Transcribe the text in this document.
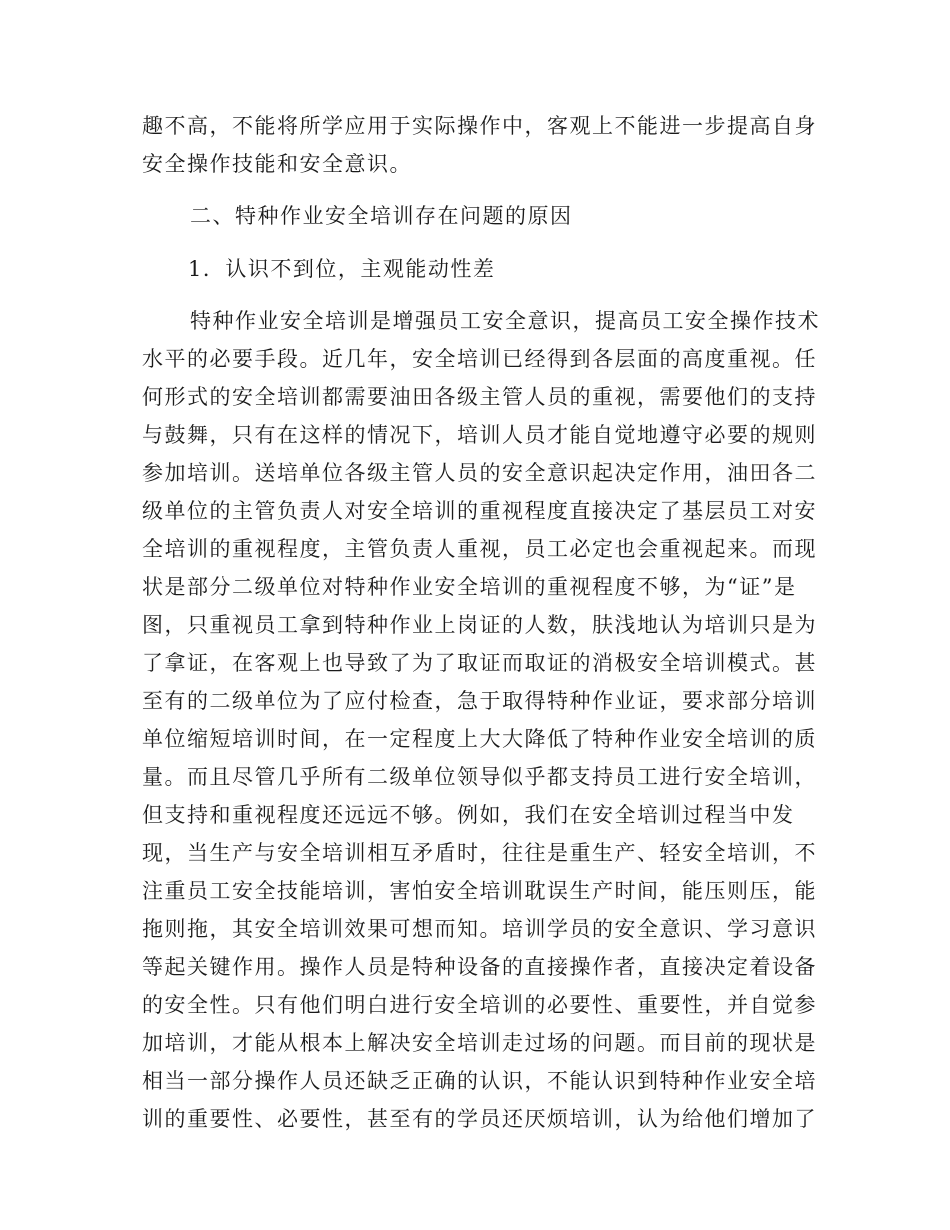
趣不高，不能将所学应用于实际操作中，客观上不能进一步提高自身
安全操作技能和安全意识。
二、特种作业安全培训存在问题的原因
1．认识不到位，主观能动性差
特种作业安全培训是增强员工安全意识，提高员工安全操作技术
水平的必要手段。近几年，安全培训已经得到各层面的高度重视。任
何形式的安全培训都需要油田各级主管人员的重视，需要他们的支持
与鼓舞，只有在这样的情况下，培训人员才能自觉地遵守必要的规则
参加培训。送培单位各级主管人员的安全意识起决定作用，油田各二
级单位的主管负责人对安全培训的重视程度直接决定了基层员工对安
全培训的重视程度，主管负责人重视，员工必定也会重视起来。而现
状是部分二级单位对特种作业安全培训的重视程度不够，为“证”是
图，只重视员工拿到特种作业上岗证的人数，肤浅地认为培训只是为
了拿证，在客观上也导致了为了取证而取证的消极安全培训模式。甚
至有的二级单位为了应付检查，急于取得特种作业证，要求部分培训
单位缩短培训时间，在一定程度上大大降低了特种作业安全培训的质
量。而且尽管几乎所有二级单位领导似乎都支持员工进行安全培训，
但支持和重视程度还远远不够。例如，我们在安全培训过程当中发
现，当生产与安全培训相互矛盾时，往往是重生产、轻安全培训，不
注重员工安全技能培训，害怕安全培训耽误生产时间，能压则压，能
拖则拖，其安全培训效果可想而知。培训学员的安全意识、学习意识
等起关键作用。操作人员是特种设备的直接操作者，直接决定着设备
的安全性。只有他们明白进行安全培训的必要性、重要性，并自觉参
加培训，才能从根本上解决安全培训走过场的问题。而目前的现状是
相当一部分操作人员还缺乏正确的认识，不能认识到特种作业安全培
训的重要性、必要性，甚至有的学员还厌烦培训，认为给他们增加了
